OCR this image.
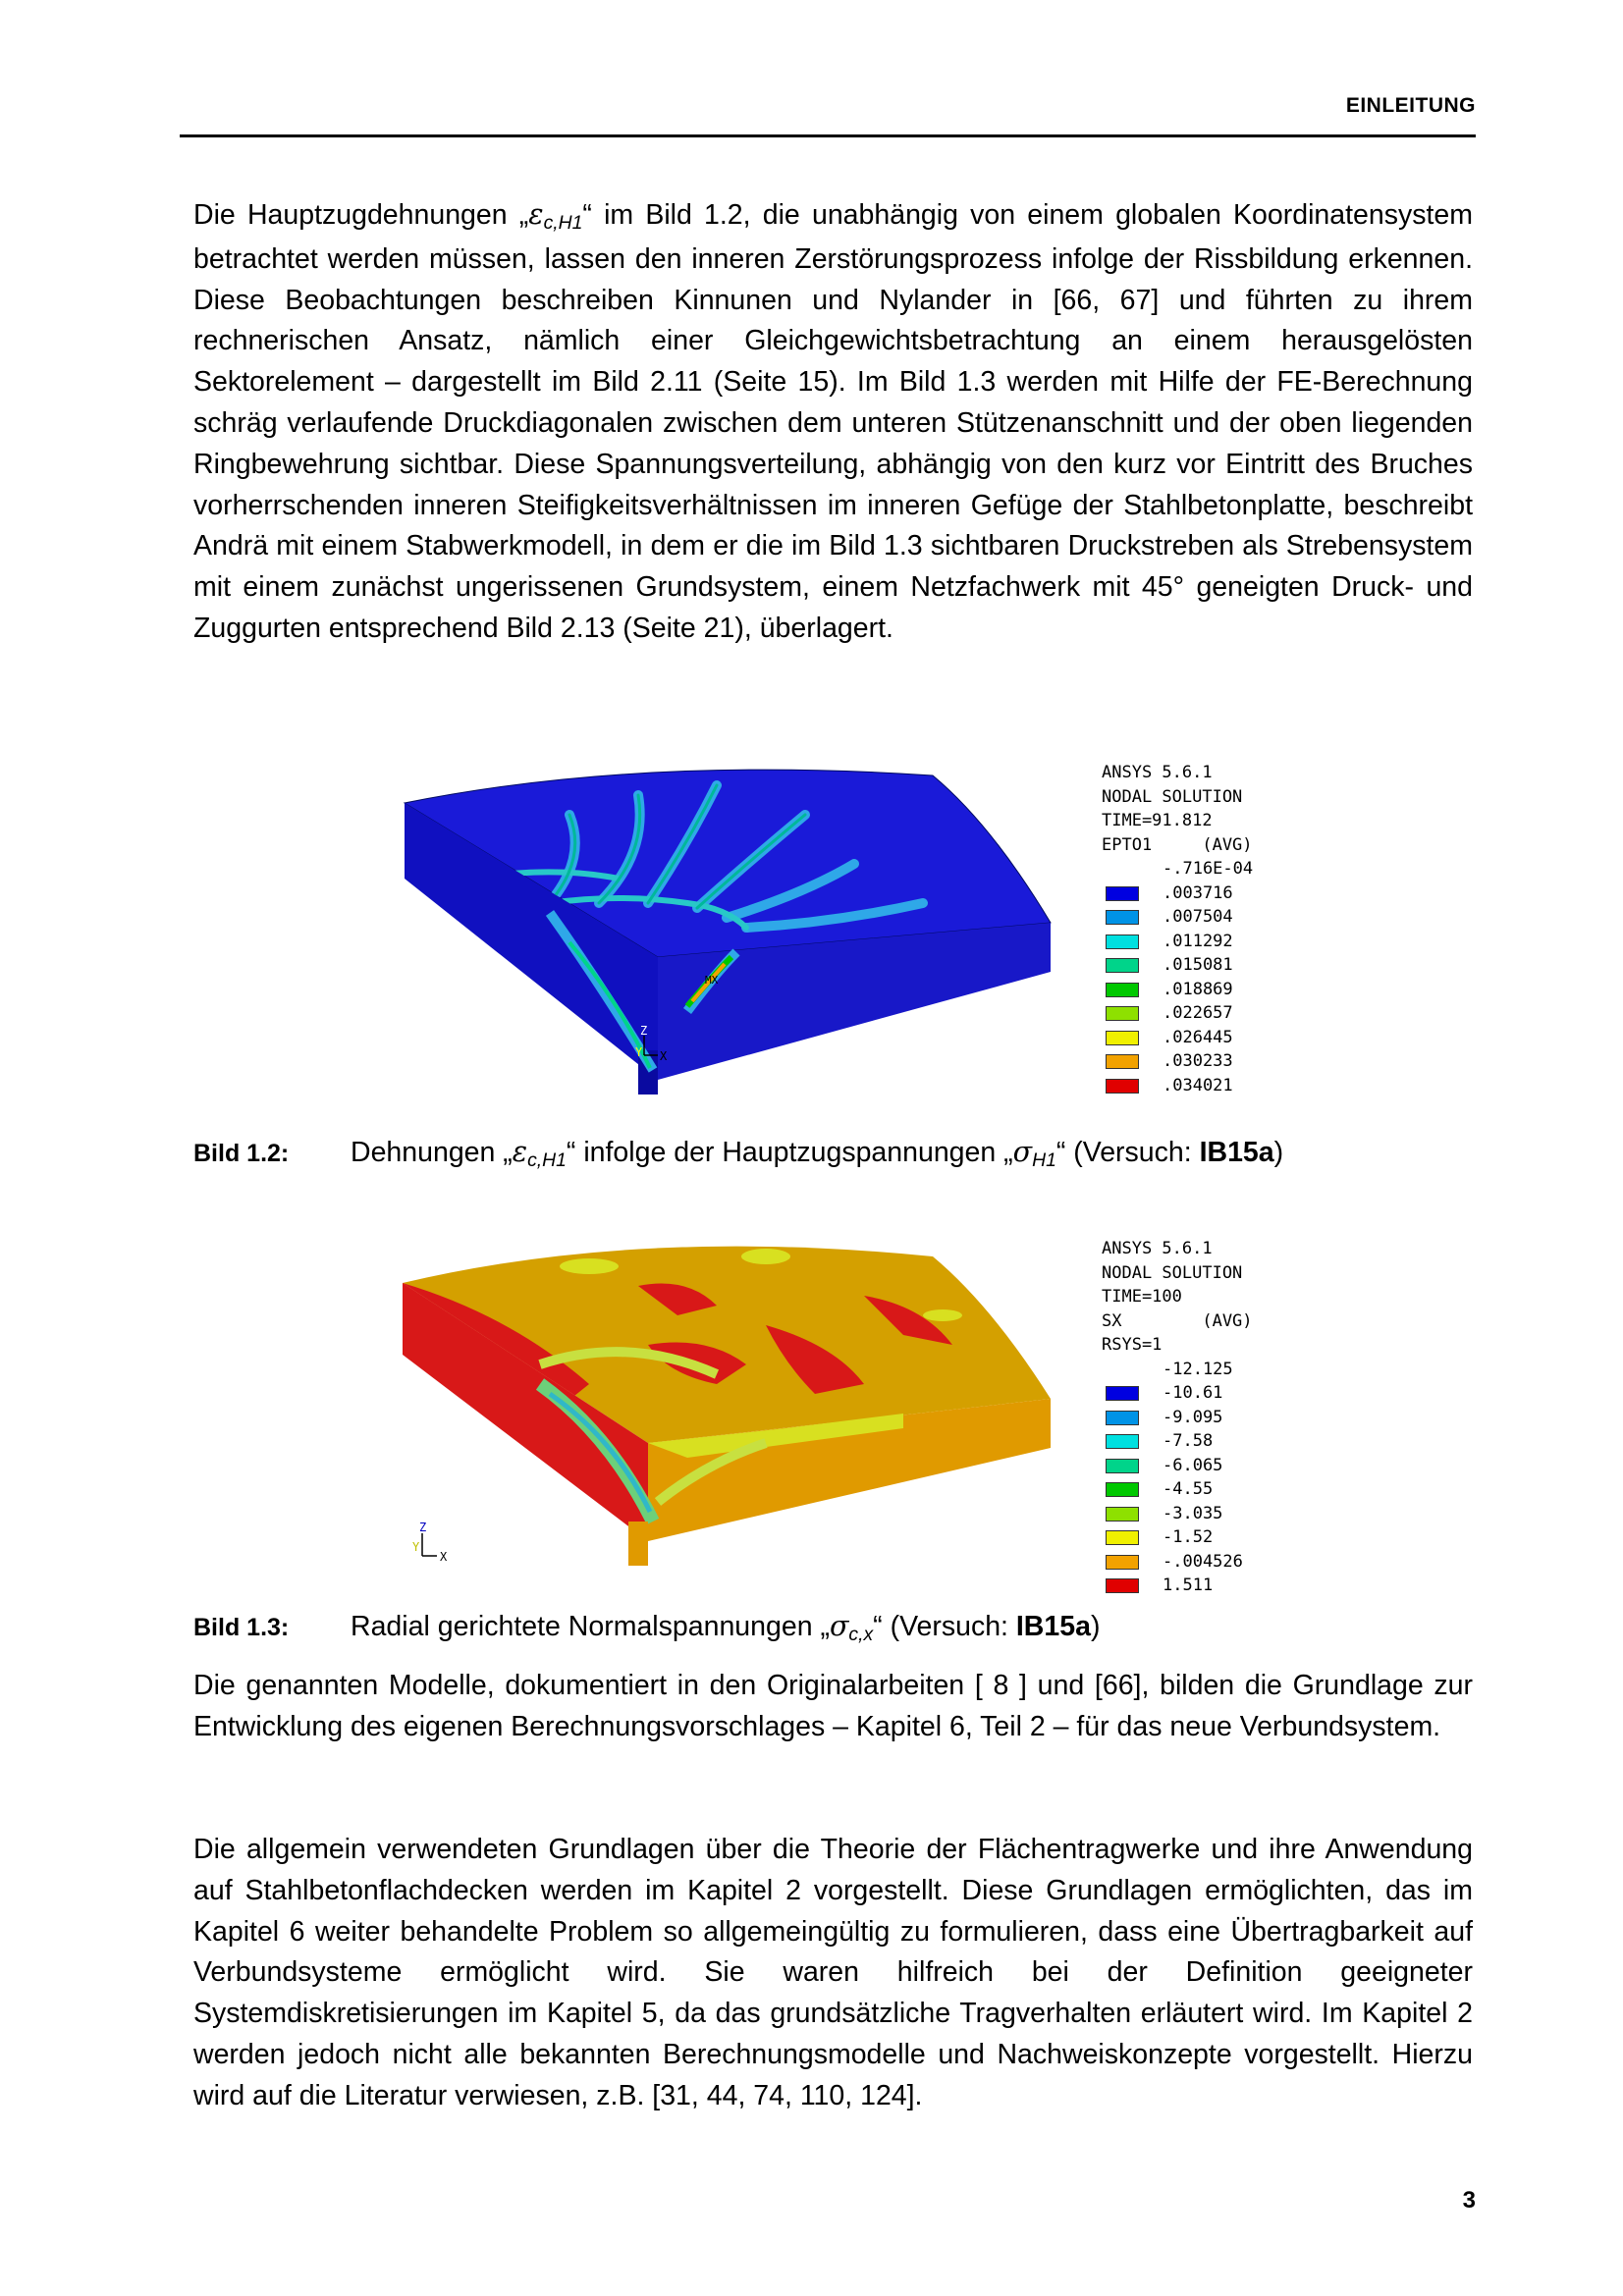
EINLEITUNG

Die Hauptzugdehnungen „εc,H1“ im Bild 1.2, die unabhängig von einem globalen Koordinatensystem betrachtet werden müssen, lassen den inneren Zerstörungsprozess infolge der Rissbildung erkennen. Diese Beobachtungen beschreiben Kinnunen und Nylander in [66, 67] und führten zu ihrem rechnerischen Ansatz, nämlich einer Gleichgewichtsbetrachtung an einem herausgelösten Sektorelement – dargestellt im Bild 2.11 (Seite 15). Im Bild 1.3 werden mit Hilfe der FE-Berechnung schräg verlaufende Druckdiagonalen zwischen dem unteren Stützenanschnitt und der oben liegenden Ringbewehrung sichtbar. Diese Spannungsverteilung, abhängig von den kurz vor Eintritt des Bruches vorherrschenden inneren Steifigkeitsverhältnissen im inneren Gefüge der Stahlbetonplatte, beschreibt Andrä mit einem Stabwerkmodell, in dem er die im Bild 1.3 sichtbaren Druckstreben als Strebensystem mit einem zunächst ungerissenen Grundsystem, einem Netzfachwerk mit 45° geneigten Druck- und Zuggurten entsprechend Bild 2.13 (Seite 21), überlagert.

Z
Y X
MX
ANSYS 5.6.1
NODAL SOLUTION
TIME=91.812
EPTO1     (AVG)
-.716E-04
.003716
.007504
.011292
.015081
.018869
.022657
.026445
.030233
.034021
Bild 1.2: Dehnungen „εc,H1“ infolge der Hauptzugspannungen „σH1“ (Versuch: IB15a)
Z
Y
X
ANSYS 5.6.1
NODAL SOLUTION
TIME=100
SX        (AVG)
RSYS=1
-12.125
-10.61
-9.095
-7.58
-6.065
-4.55
-3.035
-1.52
-.004526
1.511
Bild 1.3: Radial gerichtete Normalspannungen „σc,x“ (Versuch: IB15a)

Die genannten Modelle, dokumentiert in den Originalarbeiten [ 8 ] und [66], bilden die Grundlage zur Entwicklung des eigenen Berechnungsvorschlages – Kapitel 6, Teil 2 – für das neue Verbundsystem.

Die allgemein verwendeten Grundlagen über die Theorie der Flächentragwerke und ihre Anwendung auf Stahlbetonflachdecken werden im Kapitel 2 vorgestellt. Diese Grundlagen ermöglichten, das im Kapitel 6 weiter behandelte Problem so allgemeingültig zu formulieren, dass eine Übertragbarkeit auf Verbundsysteme ermöglicht wird. Sie waren hilfreich bei der Definition geeigneter Systemdiskretisierungen im Kapitel 5, da das grundsätzliche Tragverhalten erläutert wird. Im Kapitel 2 werden jedoch nicht alle bekannten Berechnungsmodelle und Nachweiskonzepte vorgestellt. Hierzu wird auf die Literatur verwiesen, z.B. [31, 44, 74, 110, 124].

3
